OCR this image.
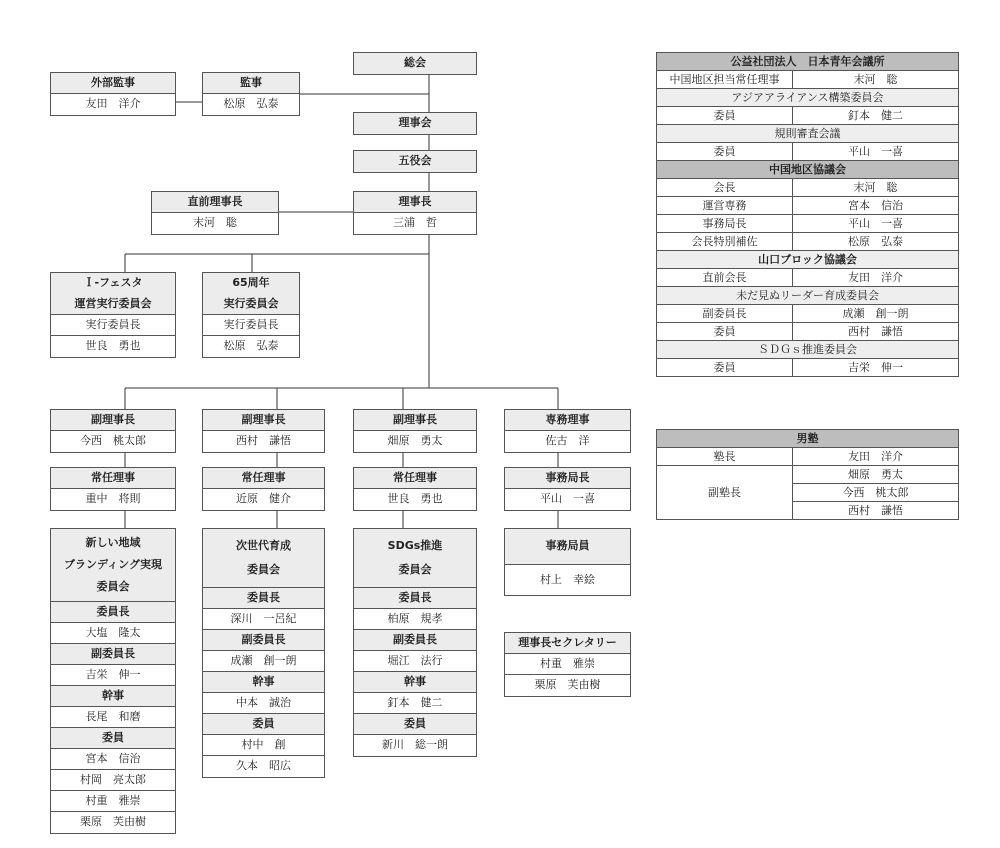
総会
外部監事
友田　洋介
監事
松原　弘泰
理事会
五役会
直前理事長
末河　聡
理事長
三浦　哲
Ｉ-フェスタ
運営実行委員会
実行委員長
世良　勇也
65周年
実行委員会
実行委員長
松原　弘泰
副理事長
今西　桃太郎
常任理事
重中　将則
新しい地域
ブランディング実現
委員会
委員長
大塩　隆太
副委員長
吉栄　伸一
幹事
長尾　和磨
委員
宮本　信治
村岡　亮太郎
村重　雅崇
栗原　芙由樹
副理事長
西村　謙悟
常任理事
近原　健介
次世代育成
委員会
委員長
深川　一呂紀
副委員長
成瀬　創一朗
幹事
中本　誠治
委員
村中　創
久本　昭広
副理事長
畑原　勇太
常任理事
世良　勇也
SDGs推進
委員会
委員長
柏原　規孝
副委員長
堀江　法行
幹事
釘本　健二
委員
新川　総一朗
専務理事
佐古　洋
事務局長
平山　一喜
事務局員
村上　幸絵
理事長セクレタリー
村重　雅崇
栗原　芙由樹
公益社団法人　日本青年会議所	
中国地区担当常任理事	末河　聡
アジアアライアンス構築委員会	
委員	釘本　健二
規則審査会議	
委員	平山　一喜
中国地区協議会	
会長	末河　聡
運営専務	宮本　信治
事務局長	平山　一喜
会長特別補佐	松原　弘泰
山口ブロック協議会	
直前会長	友田　洋介
未だ見ぬリーダー育成委員会	
副委員長	成瀬　創一朗
委員	西村　謙悟
ＳＤＧｓ推進委員会	
委員	吉栄　伸一
男塾	
塾長	友田　洋介
副塾長	畑原　勇太
	今西　桃太郎
	西村　謙悟
